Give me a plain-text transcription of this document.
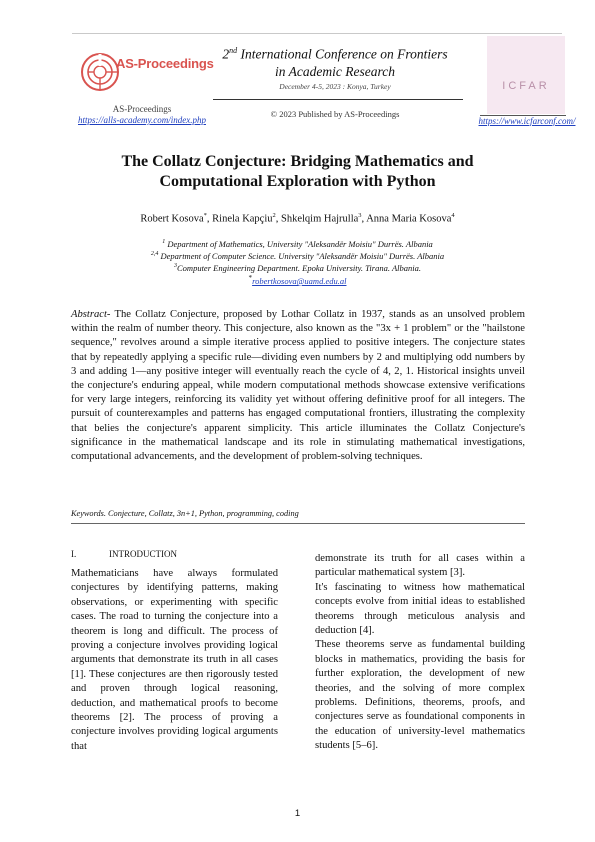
AS-Proceedings
AS-Proceedings
https://alls-academy.com/index.php
2nd International Conference on Frontiers
in Academic Research
December 4-5, 2023 : Konya, Turkey
© 2023 Published by AS-Proceedings
ICFAR
https://www.icfarconf.com/
The Collatz Conjecture: Bridging Mathematics and
Computational Exploration with Python
Robert Kosova*, Rinela Kapçiu$^2$, Shkelqim Hajrulla$^3$, Anna Maria Kosova$^4$
$^1$ Department of Mathematics, University "Aleksandër Moisiu" Durrës. Albania
$^{2,4}$ Department of Computer Science. University "Aleksandër Moisiu" Durrës. Albania
$^3$Computer Engineering Department. Epoka University. Tirana. Albania.
*robertkosova@uamd.edu.al
Abstract- The Collatz Conjecture, proposed by Lothar Collatz in 1937, stands as an unsolved problem within the realm of number theory. This conjecture, also known as the "3x + 1 problem" or the "hailstone sequence," revolves around a simple iterative process applied to positive integers. The conjecture states that by repeatedly applying a specific rule—dividing even numbers by 2 and multiplying odd numbers by 3 and adding 1—any positive integer will eventually reach the cycle of 4, 2, 1. Historical insights unveil the conjecture's enduring appeal, while modern computational methods showcase extensive verifications for very large integers, reinforcing its validity yet without offering definitive proof for all integers. The pursuit of counterexamples and patterns has engaged computational frontiers, illustrating the complexity that belies the conjecture's apparent simplicity. This article illuminates the Collatz Conjecture's significance in the mathematical landscape and its role in stimulating mathematical investigations, computational advancements, and the development of problem-solving techniques.
Keywords. Conjecture, Collatz, 3n+1, Python, programming, coding
I.	INTRODUCTION

Mathematicians have always formulated conjectures by identifying patterns, making observations, or experimenting with specific cases. The road to turning the conjecture into a theorem is long and difficult. The process of proving a conjecture involves providing logical arguments that demonstrate its truth in all cases [1]. These conjectures are then rigorously tested and proven through logical reasoning, deduction, and mathematical proofs to become theorems [2]. The process of proving a conjecture involves providing logical arguments that

demonstrate its truth for all cases within a particular mathematical system [3].

It's fascinating to witness how mathematical concepts evolve from initial ideas to established theorems through meticulous analysis and deduction [4].

These theorems serve as fundamental building blocks in mathematics, providing the basis for further exploration, the development of new theories, and the solving of more complex problems. Definitions, theorems, proofs, and conjectures serve as foundational components in the education of university-level mathematics students [5–6].

1
